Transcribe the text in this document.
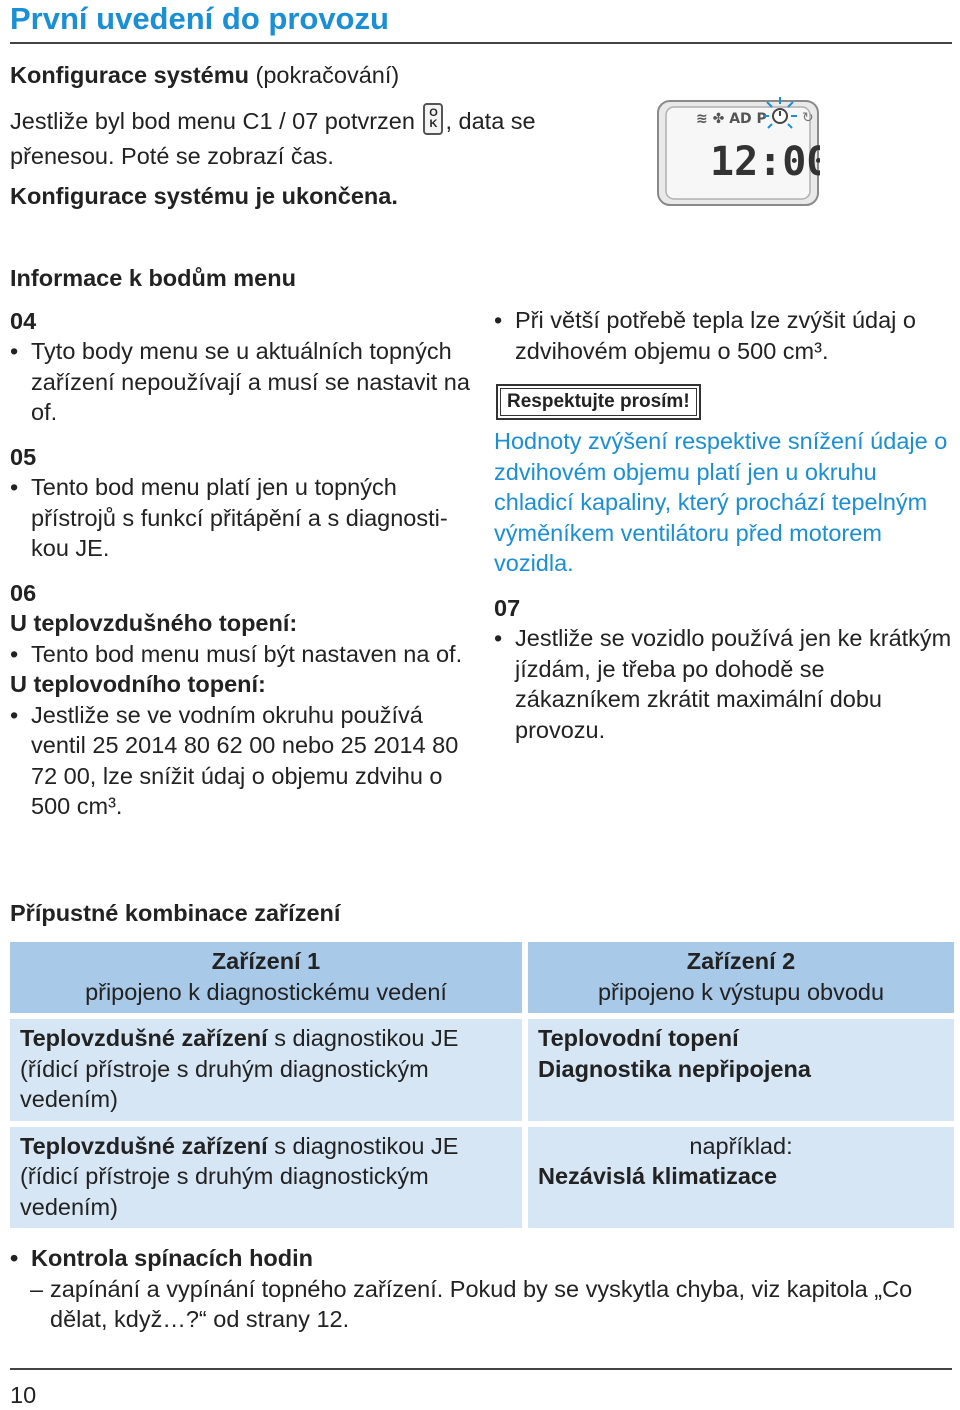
První uvedení do provozu

Konfigurace systému (pokračování)

Jestliže byl bod menu C1 / 07 potvrzen O
K , data se

přenesou. Poté se zobrazí čas.

Konfigurace systému je ukončena.

≋ ✤ AD P	↻
12:00

Informace k bodům menu

04

• Tyto body menu se u aktuálních topných zařízení nepoužívají a musí se nastavit na of.

05

• Tento bod menu platí jen u topných přístrojů s funkcí přitápění a s diagnosti-kou JE.

06

U teplovzdušného topení:

• Tento bod menu musí být nastaven na of.

U teplovodního topení:

• Jestliže se ve vodním okruhu používá ventil 25 2014 80 62 00 nebo 25 2014 80 72 00, lze snížit údaj o objemu zdvihu o 500 cm³.

• Při větší potřebě tepla lze zvýšit údaj o zdvihovém objemu o 500 cm³.

Respektujte prosím!

Hodnoty zvýšení respektive snížení údaje o zdvihovém objemu platí jen u okruhu chladicí kapaliny, který prochází tepelným výměníkem ventilátoru před motorem vozidla.

07

• Jestliže se vozidlo používá jen ke krátkým jízdám, je třeba po dohodě se zákazníkem zkrátit maximální dobu provozu.

Přípustné kombinace zařízení

Zařízení 1
připojeno k diagnostickému vedení	Zařízení 2
připojeno k výstupu obvodu

Teplovzdušné zařízení s diagnostikou JE (řídicí přístroje s druhým diagnostickým vedením)	Teplovodní topení
Diagnostika nepřipojena

Teplovzdušné zařízení s diagnostikou JE (řídicí přístroje s druhým diagnostickým vedením)	například:
Nezávislá klimatizace

• Kontrola spínacích hodin

– zapínání a vypínání topného zařízení. Pokud by se vyskytla chyba, viz kapitola „Co dělat, když…?“ od strany 12.

10
